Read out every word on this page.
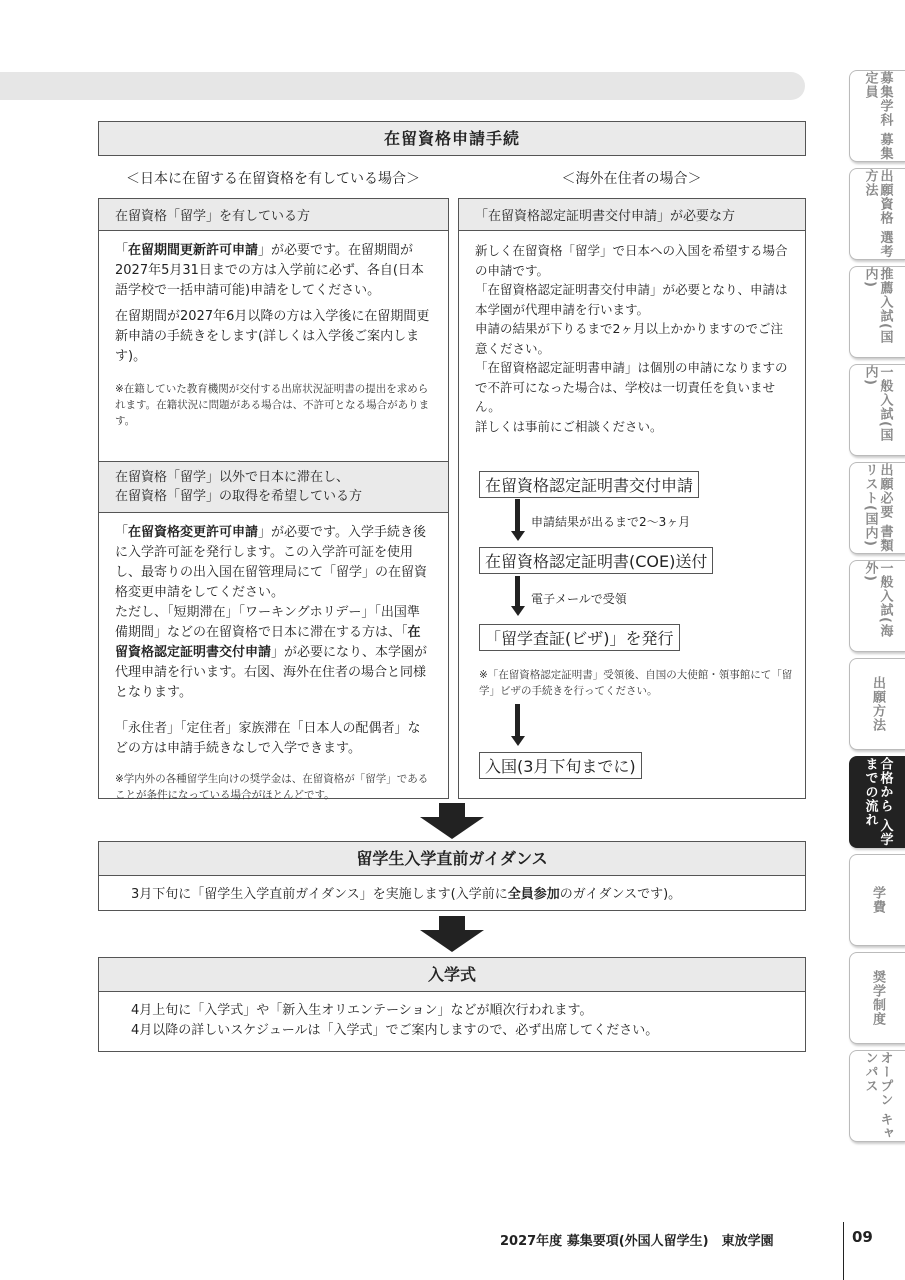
在留資格申請手続
＜日本に在留する在留資格を有している場合＞	＜海外在住者の場合＞
在留資格「留学」を有している方

「在留期間更新許可申請」が必要です。在留期間が2027年5月31日までの方は入学前に必ず、各自(日本語学校で一括申請可能)申請をしてください。

在留期間が2027年6月以降の方は入学後に在留期間更新申請の手続きをします(詳しくは入学後ご案内します)。

※在籍していた教育機関が交付する出席状況証明書の提出を求められます。在籍状況に問題がある場合は、不許可となる場合があります。

在留資格「留学」以外で日本に滞在し、
在留資格「留学」の取得を希望している方

「在留資格変更許可申請」が必要です。入学手続き後に入学許可証を発行します。この入学許可証を使用し、最寄りの出入国在留管理局にて「留学」の在留資格変更申請をしてください。

ただし、「短期滞在」「ワーキングホリデー」「出国準備期間」などの在留資格で日本に滞在する方は、「在留資格認定証明書交付申請」が必要になり、本学園が代理申請を行います。右図、海外在住者の場合と同様となります。

「永住者」「定住者」家族滞在「日本人の配偶者」などの方は申請手続きなしで入学できます。

※学内外の各種留学生向けの奨学金は、在留資格が「留学」であることが条件になっている場合がほとんどです。

「在留資格認定証明書交付申請」が必要な方

新しく在留資格「留学」で日本への入国を希望する場合の申請です。

「在留資格認定証明書交付申請」が必要となり、申請は本学園が代理申請を行います。

申請の結果が下りるまで2ヶ月以上かかりますのでご注意ください。

「在留資格認定証明書申請」は個別の申請になりますので不許可になった場合は、学校は一切責任を負いません。

詳しくは事前にご相談ください。

在留資格認定証明書交付申請
申請結果が出るまで2～3ヶ月
在留資格認定証明書(COE)送付
電子メールで受領
「留学査証(ビザ)」を発行
※「在留資格認定証明書」受領後、自国の大使館・領事館にて「留学」ビザの手続きを行ってください。
入国(3月下旬までに)
留学生入学直前ガイダンス
3月下旬に「留学生入学直前ガイダンス」を実施します(入学前に全員参加のガイダンスです)。
入学式
4月上旬に「入学式」や「新入生オリエンテーション」などが順次行われます。
4月以降の詳しいスケジュールは「入学式」でご案内しますので、必ず出席してください。
募集学科 募集定員
出願資格 選考方法
推薦入試(国内)
一般入試(国内)
出願必要 書類リスト(国内)
一般入試(海外)
出願方法
合格から 入学までの流れ
学費
奨学制度
オープン キャンパス
2027年度 募集要項(外国人留学生)　東放学園	09
